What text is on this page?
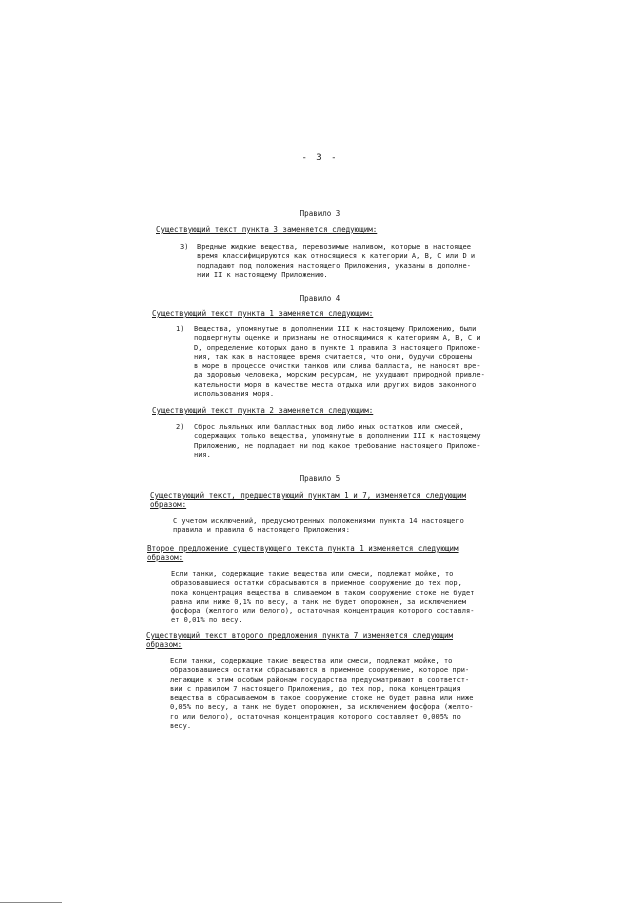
- 3 -
Правило 3
Существующий текст пункта 3 заменяется следующим:
3) Вредные жидкие вещества, перевозимые наливом, которые в настоящее
время классифицируются как относящиеся к категории A, B, C или D и
подпадают под положения настоящего Приложения, указаны в дополне-
нии II к настоящему Приложению.
Правило 4
Существующий текст пункта 1 заменяется следующим:
1) Вещества, упомянутые в дополнении III к настоящему Приложению, были
подвергнуты оценке и признаны не относящимися к категориям A, B, C и
D, определение которых дано в пункте 1 правила 3 настоящего Приложе-
ния, так как в настоящее время считается, что они, будучи сброшены
в море в процессе очистки танков или слива балласта, не наносят вре-
да здоровью человека, морским ресурсам, не ухудшают природной привле-
кательности моря в качестве места отдыха или других видов законного
использования моря.
Существующий текст пункта 2 заменяется следующим:
2) Сброс льяльных или балластных вод либо иных остатков или смесей,
содержащих только вещества, упомянутые в дополнении III к настоящему
Приложению, не подпадает ни под какое требование настоящего Приложе-
ния.
Правило 5
Существующий текст, предшествующий пунктам 1 и 7, изменяется следующим
образом:
С учетом исключений, предусмотренных положениями пункта 14 настоящего
правила и правила 6 настоящего Приложения:
Второе предложение существующего текста пункта 1 изменяется следующим
образом:
Если танки, содержащие такие вещества или смеси, подлежат мойке, то
образовавшиеся остатки сбрасываются в приемное сооружение до тех пор,
пока концентрация вещества в сливаемом в таком сооружение стоке не будет
равна или ниже 0,1% по весу, а танк не будет опорожнен, за исключением
фосфора (желтого или белого), остаточная концентрация которого составля-
ет 0,01% по весу.
Существующий текст второго предложения пункта 7 изменяется следующим
образом:
Если танки, содержащие такие вещества или смеси, подлежат мойке, то
образовавшиеся остатки сбрасываются в приемное сооружение, которое при-
легающие к этим особым районам государства предусматривают в соответст-
вии с правилом 7 настоящего Приложения, до тех пор, пока концентрация
вещества в сбрасываемом в такое сооружение стоке не будет равна или ниже
0,05% по весу, а танк не будет опорожнен, за исключением фосфора (желто-
го или белого), остаточная концентрация которого составляет 0,005% по
весу.
